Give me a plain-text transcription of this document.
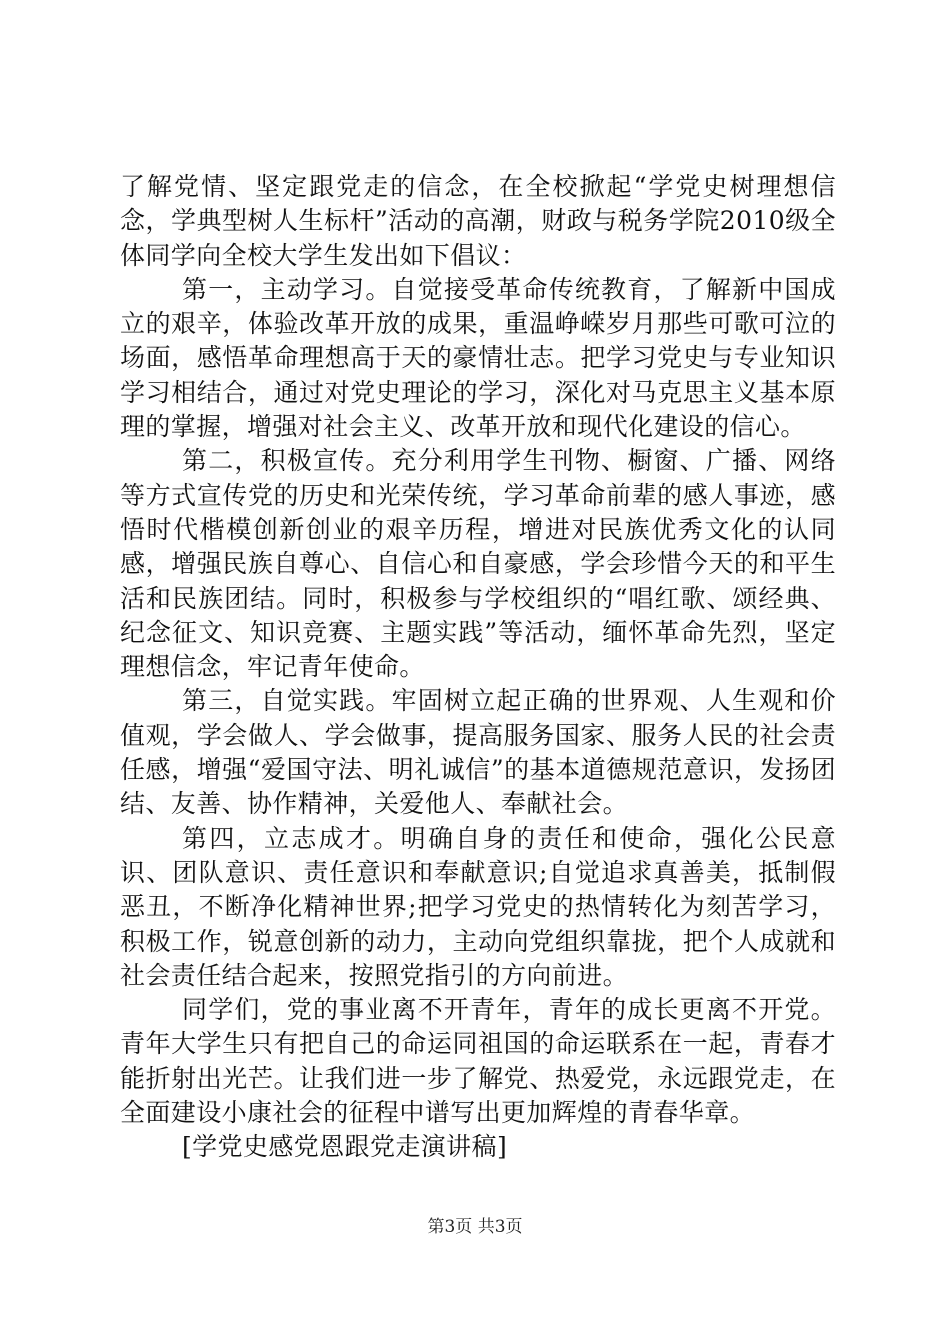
了解党情、坚定跟党走的信念，在全校掀起“学党史树理想信念，学典型树人生标杆”活动的高潮，财政与税务学院2010级全体同学向全校大学生发出如下倡议：

第一，主动学习。自觉接受革命传统教育，了解新中国成立的艰辛，体验改革开放的成果，重温峥嵘岁月那些可歌可泣的场面，感悟革命理想高于天的豪情壮志。把学习党史与专业知识学习相结合，通过对党史理论的学习，深化对马克思主义基本原理的掌握，增强对社会主义、改革开放和现代化建设的信心。

第二，积极宣传。充分利用学生刊物、橱窗、广播、网络等方式宣传党的历史和光荣传统，学习革命前辈的感人事迹，感悟时代楷模创新创业的艰辛历程，增进对民族优秀文化的认同感，增强民族自尊心、自信心和自豪感，学会珍惜今天的和平生活和民族团结。同时，积极参与学校组织的“唱红歌、颂经典、纪念征文、知识竞赛、主题实践”等活动，缅怀革命先烈，坚定理想信念，牢记青年使命。

第三，自觉实践。牢固树立起正确的世界观、人生观和价值观，学会做人、学会做事，提高服务国家、服务人民的社会责任感，增强“爱国守法、明礼诚信”的基本道德规范意识，发扬团结、友善、协作精神，关爱他人、奉献社会。

第四，立志成才。明确自身的责任和使命，强化公民意识、团队意识、责任意识和奉献意识;自觉追求真善美，抵制假恶丑，不断净化精神世界;把学习党史的热情转化为刻苦学习，积极工作，锐意创新的动力，主动向党组织靠拢，把个人成就和社会责任结合起来，按照党指引的方向前进。

同学们，党的事业离不开青年，青年的成长更离不开党。青年大学生只有把自己的命运同祖国的命运联系在一起，青春才能折射出光芒。让我们进一步了解党、热爱党，永远跟党走，在全面建设小康社会的征程中谱写出更加辉煌的青春华章。

[学党史感党恩跟党走演讲稿]

第3页 共3页
